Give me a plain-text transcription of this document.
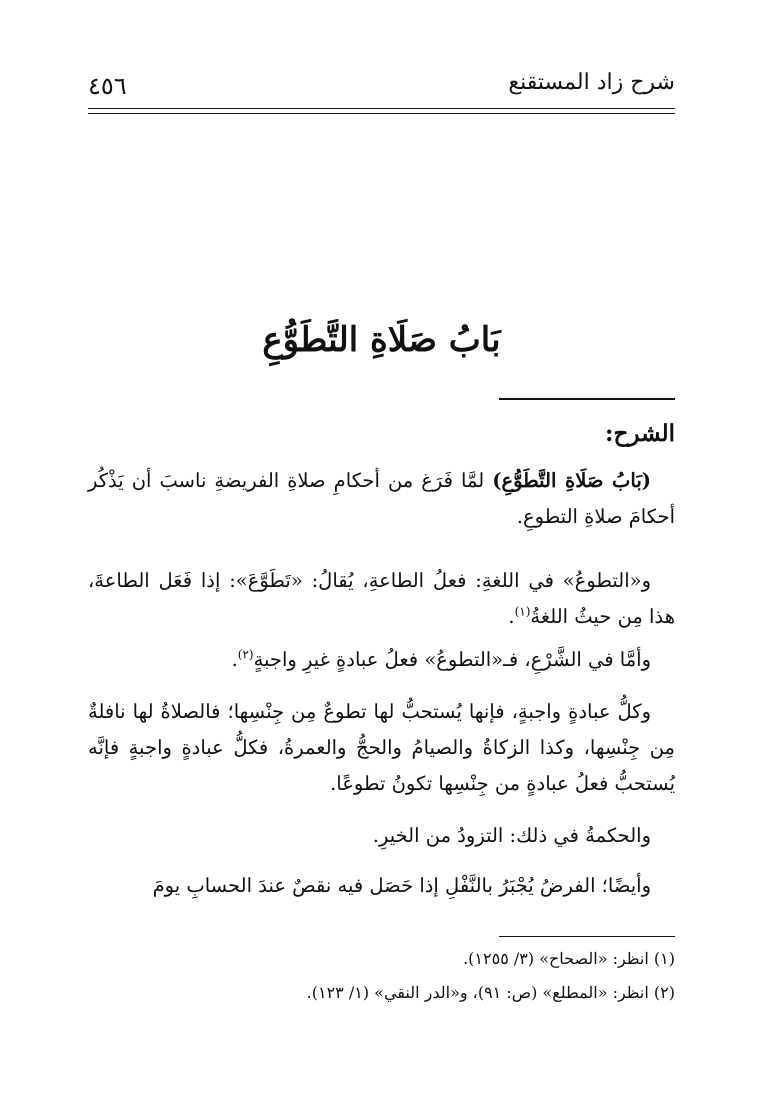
٤٥٦	شرح زاد المستقنع
بَابُ صَلَاةِ التَّطَوُّعِ
الشرح:
(بَابُ صَلَاةِ التَّطَوُّعِ) لمَّا فَرَغ من أحكامِ صلاةِ الفريضةِ ناسبَ أن يَذْكُر أحكامَ صلاةِ التطوعِ.
و«التطوعُ» في اللغةِ: فعلُ الطاعةِ، يُقالُ: «تَطَوَّعَ»: إذا فَعَل الطاعةَ، هذا مِن حيثُ اللغةُ$^{(١)}$.
وأمَّا في الشَّرْعِ، فـ«التطوعُ» فعلُ عبادةٍ غيرِ واجبةٍ$^{(٢)}$.
وكلُّ عبادةٍ واجبةٍ، فإنها يُستحبُّ لها تطوعٌ مِن جِنْسِها؛ فالصلاةُ لها نافلةٌ مِن جِنْسِها، وكذا الزكاةُ والصيامُ والحجُّ والعمرةُ، فكلُّ عبادةٍ واجبةٍ فإنَّه يُستحبُّ فعلُ عبادةٍ من جِنْسِها تكونُ تطوعًا.
والحكمةُ في ذلك: التزودُ من الخيرِ.
وأيضًا؛ الفرضُ يُجْبَرُ بالنَّفْلِ إذا حَصَل فيه نقصٌ عندَ الحسابِ يومَ
(١) انظر: «الصحاح» (٣/ ١٢٥٥).
(٢) انظر: «المطلع» (ص: ٩١)، و«الدر النقي» (١/ ١٢٣).
